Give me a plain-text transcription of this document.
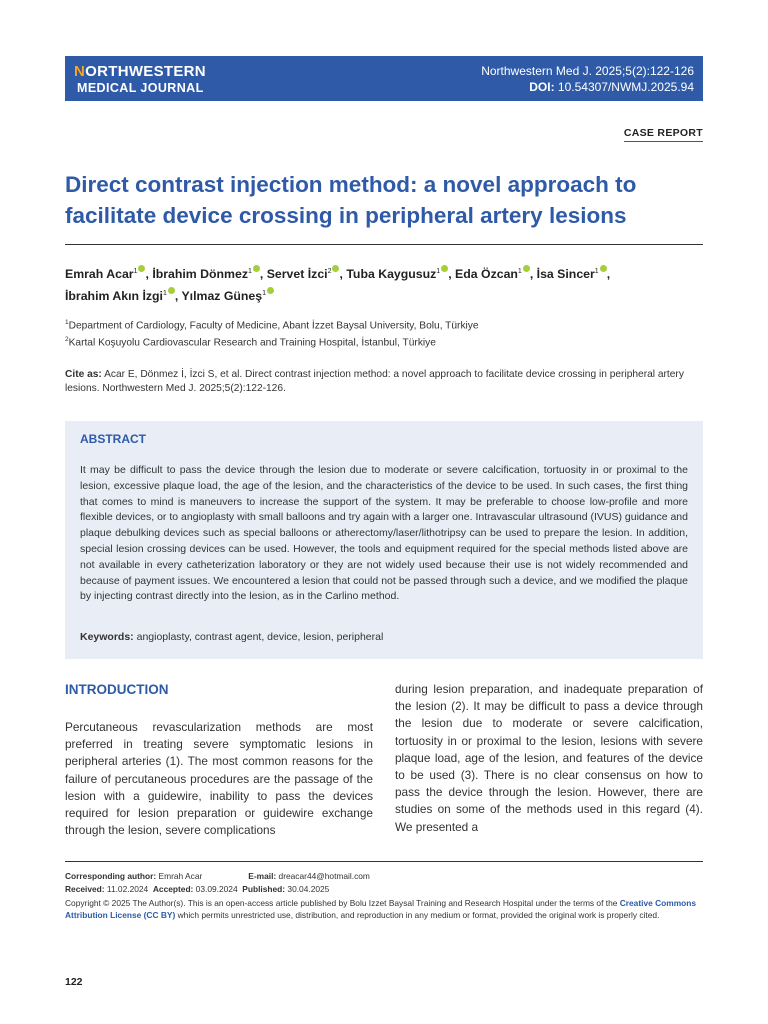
NORTHWESTERN
MEDICAL JOURNAL
Northwestern Med J. 2025;5(2):122-126
DOI: 10.54307/NWMJ.2025.94
CASE REPORT
Direct contrast injection method: a novel approach to facilitate device crossing in peripheral artery lesions
Emrah Acar$^1$ , İbrahim Dönmez$^1$ , Servet İzci$^2$ , Tuba Kaygusuz$^1$ , Eda Özcan$^1$ , İsa Sincer$^1$ ,
İbrahim Akın İzgi$^1$ , Yılmaz Güneş$^1$
$^1$Department of Cardiology, Faculty of Medicine, Abant İzzet Baysal University, Bolu, Türkiye
$^2$Kartal Koşuyolu Cardiovascular Research and Training Hospital, İstanbul, Türkiye
Cite as: Acar E, Dönmez İ, İzci S, et al. Direct contrast injection method: a novel approach to facilitate device crossing in peripheral artery lesions. Northwestern Med J. 2025;5(2):122-126.
ABSTRACT
It may be difficult to pass the device through the lesion due to moderate or severe calcification, tortuosity in or proximal to the lesion, excessive plaque load, the age of the lesion, and the characteristics of the device to be used. In such cases, the first thing that comes to mind is maneuvers to increase the support of the system. It may be preferable to choose low-profile and more flexible devices, or to angioplasty with small balloons and try again with a larger one. Intravascular ultrasound (IVUS) guidance and plaque debulking devices such as special balloons or atherectomy/laser/lithotripsy can be used to prepare the lesion. In addition, special lesion crossing devices can be used. However, the tools and equipment required for the special methods listed above are not available in every catheterization laboratory or they are not widely used because their use is not widely recommended and because of payment issues. We encountered a lesion that could not be passed through such a device, and we modified the plaque by injecting contrast directly into the lesion, as in the Carlino method.
Keywords: angioplasty, contrast agent, device, lesion, peripheral
INTRODUCTION
Percutaneous revascularization methods are most preferred in treating severe symptomatic lesions in peripheral arteries (1). The most common reasons for the failure of percutaneous procedures are the passage of the lesion with a guidewire, inability to pass the devices required for lesion preparation or guidewire exchange through the lesion, severe complications
during lesion preparation, and inadequate preparation of the lesion (2). It may be difficult to pass a device through the lesion due to moderate or severe calcification, tortuosity in or proximal to the lesion, lesions with severe plaque load, age of the lesion, and features of the device to be used (3). There is no clear consensus on how to pass the device through the lesion. However, there are studies on some of the methods used in this regard (4). We presented a
Corresponding author: Emrah Acar	E-mail: dreacar44@hotmail.com
Received: 11.02.2024 Accepted: 03.09.2024 Published: 30.04.2025
Copyright © 2025 The Author(s). This is an open-access article published by Bolu Izzet Baysal Training and Research Hospital under the terms of the Creative Commons Attribution License (CC BY) which permits unrestricted use, distribution, and reproduction in any medium or format, provided the original work is properly cited.
122
